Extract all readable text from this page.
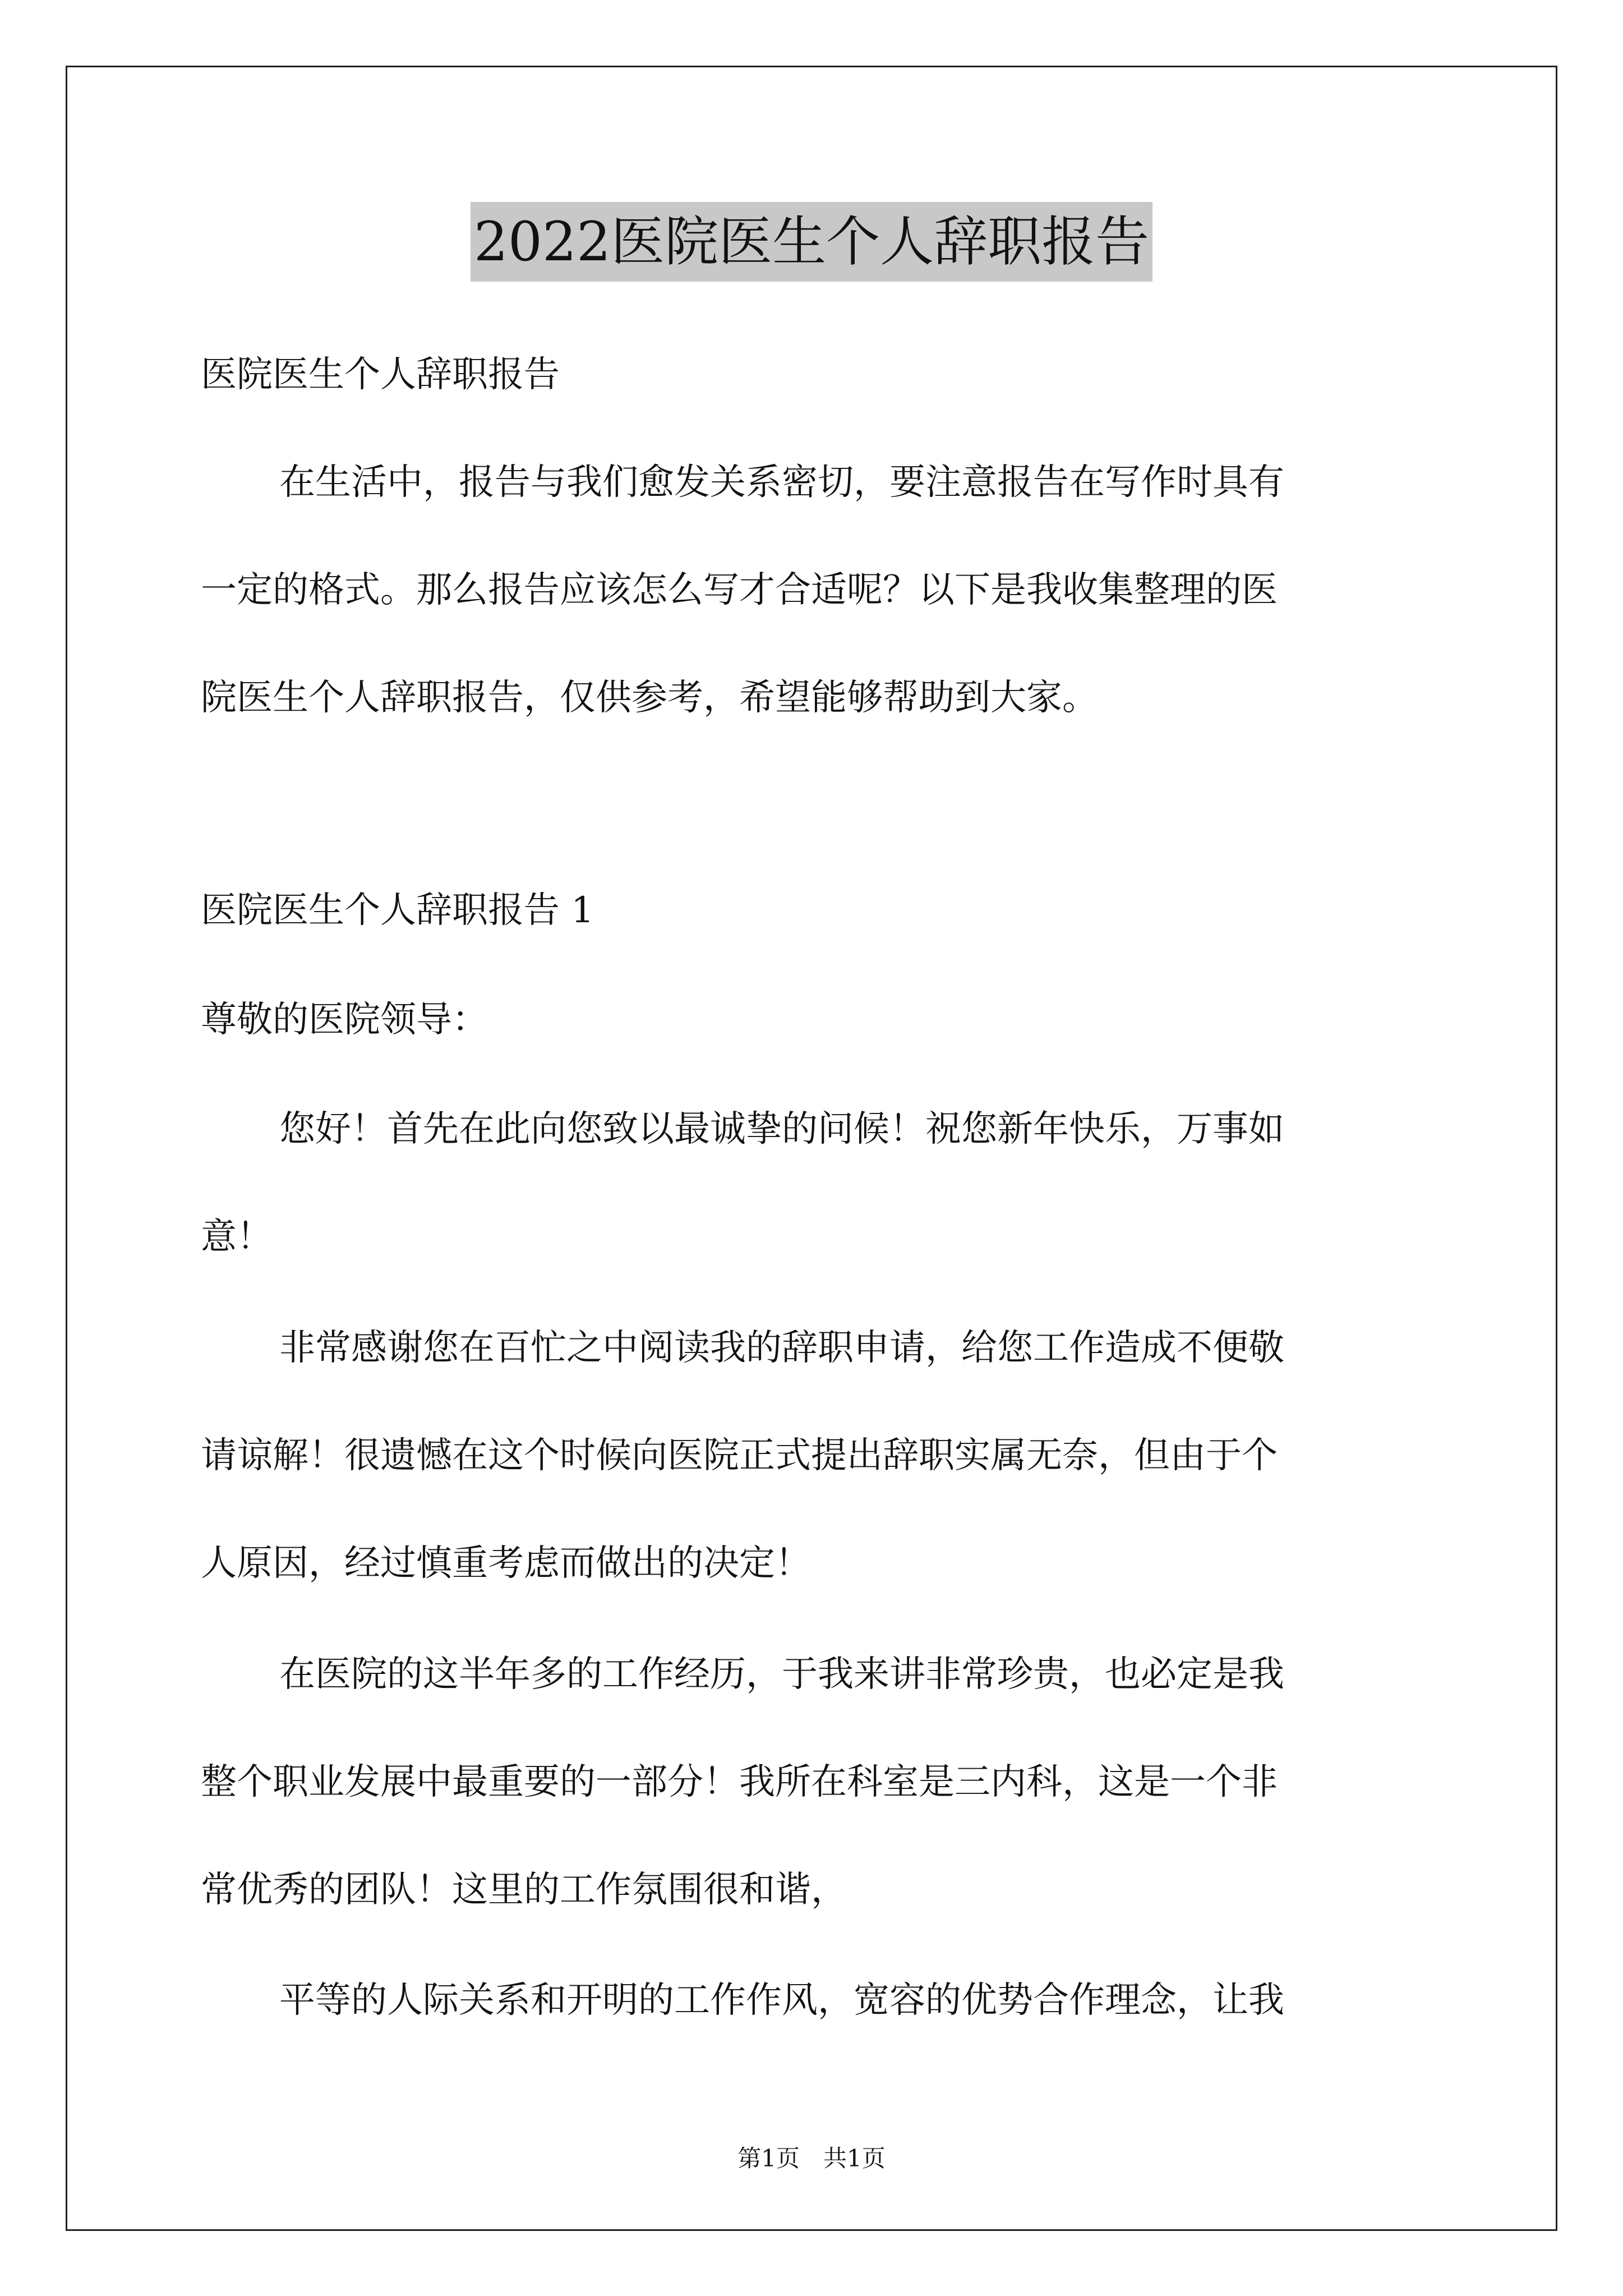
2022医院医生个人辞职报告
医院医生个人辞职报告
在生活中，报告与我们愈发关系密切，要注意报告在写作时具有
一定的格式。那么报告应该怎么写才合适呢？以下是我收集整理的医
院医生个人辞职报告，仅供参考，希望能够帮助到大家。
医院医生个人辞职报告 1
尊敬的医院领导：
您好！首先在此向您致以最诚挚的问候！祝您新年快乐，万事如
意！
非常感谢您在百忙之中阅读我的辞职申请，给您工作造成不便敬
请谅解！很遗憾在这个时候向医院正式提出辞职实属无奈，但由于个
人原因，经过慎重考虑而做出的决定！
在医院的这半年多的工作经历，于我来讲非常珍贵，也必定是我
整个职业发展中最重要的一部分！我所在科室是三内科，这是一个非
常优秀的团队！这里的工作氛围很和谐，
平等的人际关系和开明的工作作风，宽容的优势合作理念，让我
第1页　共1页
